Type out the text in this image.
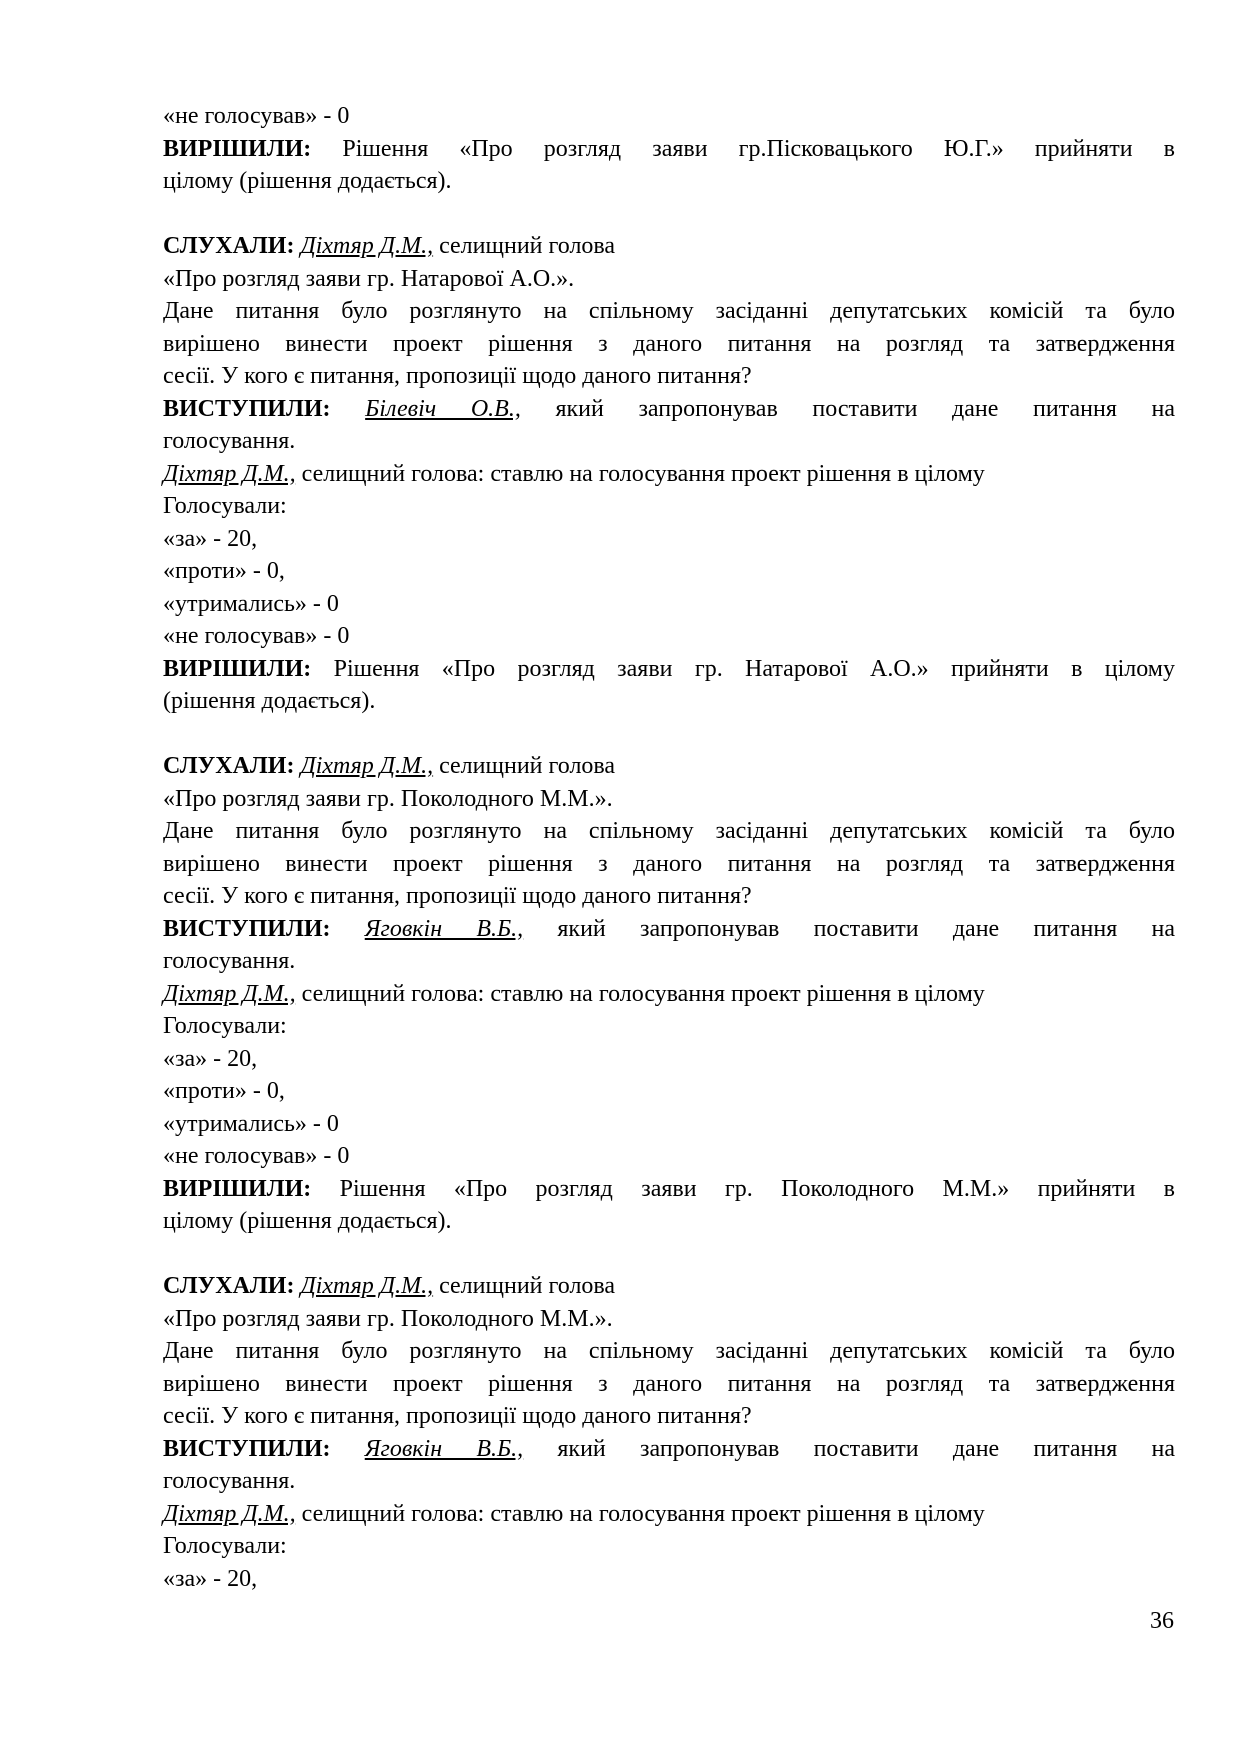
«не голосував» - 0
ВИРІШИЛИ: Рішення «Про розгляд заяви гр.Пісковацького Ю.Г.» прийняти в
цілому (рішення додається).
СЛУХАЛИ: Діхтяр Д.М., селищний голова
«Про розгляд заяви гр. Натарової А.О.».
Дане питання було розглянуто на спільному засіданні депутатських комісій та було
вирішено винести проект рішення з даного питання на розгляд та затвердження
сесії. У кого є питання, пропозиції щодо даного питання?
ВИСТУПИЛИ: Білевіч О.В., який запропонував поставити дане питання на
голосування.
Діхтяр Д.М., селищний голова: ставлю на голосування проект рішення в цілому
Голосували:
«за» - 20,
«проти» - 0,
«утримались» - 0
«не голосував» - 0
ВИРІШИЛИ: Рішення «Про розгляд заяви гр. Натарової А.О.» прийняти в цілому
(рішення додається).
СЛУХАЛИ: Діхтяр Д.М., селищний голова
«Про розгляд заяви гр. Поколодного М.М.».
Дане питання було розглянуто на спільному засіданні депутатських комісій та було
вирішено винести проект рішення з даного питання на розгляд та затвердження
сесії. У кого є питання, пропозиції щодо даного питання?
ВИСТУПИЛИ: Яговкін В.Б., який запропонував поставити дане питання на
голосування.
Діхтяр Д.М., селищний голова: ставлю на голосування проект рішення в цілому
Голосували:
«за» - 20,
«проти» - 0,
«утримались» - 0
«не голосував» - 0
ВИРІШИЛИ: Рішення «Про розгляд заяви гр. Поколодного М.М.» прийняти в
цілому (рішення додається).
СЛУХАЛИ: Діхтяр Д.М., селищний голова
«Про розгляд заяви гр. Поколодного М.М.».
Дане питання було розглянуто на спільному засіданні депутатських комісій та було
вирішено винести проект рішення з даного питання на розгляд та затвердження
сесії. У кого є питання, пропозиції щодо даного питання?
ВИСТУПИЛИ: Яговкін В.Б., який запропонував поставити дане питання на
голосування.
Діхтяр Д.М., селищний голова: ставлю на голосування проект рішення в цілому
Голосували:
«за» - 20,
36
